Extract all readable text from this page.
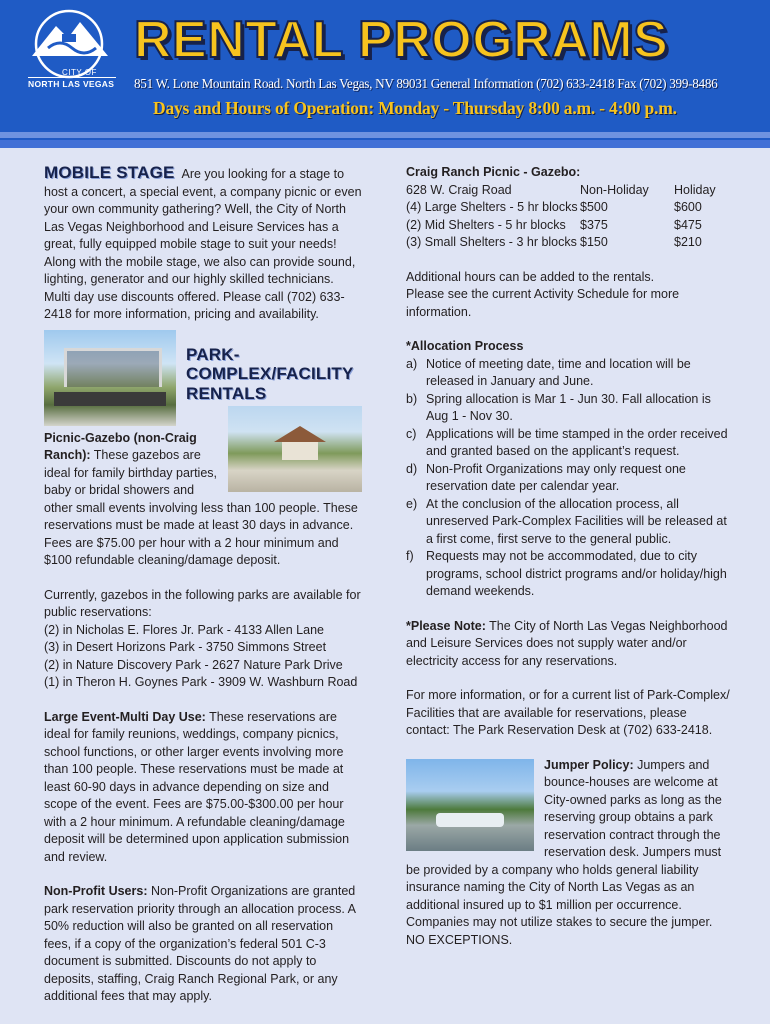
CITY OF
NORTH LAS VEGAS
RENTAL PROGRAMS
851 W. Lone Mountain Road. North Las Vegas, NV 89031 General Information (702) 633-2418 Fax (702) 399-8486
Days and Hours of Operation: Monday - Thursday 8:00 a.m. - 4:00 p.m.

MOBILE STAGE Are you looking for a stage to host a concert, a special event, a company picnic or even your own community gathering? Well, the City of North Las Vegas Neighborhood and Leisure Services has a great, fully equipped mobile stage to suit your needs! Along with the mobile stage, we also can provide sound, lighting, generator and our highly skilled technicians. Multi day use discounts offered. Please call (702) 633-2418 for more information, pricing and availability.

PARK-COMPLEX/FACILITY RENTALS

Picnic-Gazebo (non-Craig Ranch): These gazebos are ideal for family birthday parties, baby or bridal showers and other small events involving less than 100 people. These reservations must be made at least 30 days in advance. Fees are $75.00 per hour with a 2 hour minimum and $100 refundable cleaning/damage deposit.

Currently, gazebos in the following parks are available for public reservations:

(2) in Nicholas E. Flores Jr. Park - 4133 Allen Lane

(3) in Desert Horizons Park - 3750 Simmons Street

(2) in Nature Discovery Park - 2627 Nature Park Drive

(1) in Theron H. Goynes Park - 3909 W. Washburn Road

Large Event-Multi Day Use: These reservations are ideal for family reunions, weddings, company picnics, school functions, or other larger events involving more than 100 people. These reservations must be made at least 60-90 days in advance depending on size and scope of the event. Fees are $75.00-$300.00 per hour with a 2 hour minimum. A refundable cleaning/damage deposit will be determined upon application submission and review.

Non-Profit Users: Non-Profit Organizations are granted park reservation priority through an allocation process. A 50% reduction will also be granted on all reservation fees, if a copy of the organization’s federal 501 C-3 document is submitted. Discounts do not apply to deposits, staffing, Craig Ranch Regional Park, or any additional fees that may apply.

Craig Ranch Picnic - Gazebo:

628 W. Craig Road	Non-Holiday	Holiday
(4) Large Shelters - 5 hr blocks	$500	$600
(2) Mid Shelters - 5 hr blocks	$375	$475
(3) Small Shelters - 3 hr blocks	$150	$210

Additional hours can be added to the rentals.

Please see the current Activity Schedule for more information.

*Allocation Process

a) Notice of meeting date, time and location will be released in January and June.
b) Spring allocation is Mar 1 - Jun 30. Fall allocation is Aug 1 - Nov 30.
c) Applications will be time stamped in the order received and granted based on the applicant’s request.
d) Non-Profit Organizations may only request one reservation date per calendar year.
e) At the conclusion of the allocation process, all unreserved Park-Complex Facilities will be released at a first come, first serve to the general public.
f) Requests may not be accommodated, due to city programs, school district programs and/or holiday/high demand weekends.

*Please Note: The City of North Las Vegas Neighborhood and Leisure Services does not supply water and/or electricity access for any reservations.

For more information, or for a current list of Park-Complex/ Facilities that are available for reservations, please contact: The Park Reservation Desk at (702) 633-2418.

Jumper Policy: Jumpers and bounce-houses are welcome at City-owned parks as long as the reserving group obtains a park reservation contract through the reservation desk. Jumpers must be provided by a company who holds general liability insurance naming the City of North Las Vegas as an additional insured up to $1 million per occurrence. Companies may not utilize stakes to secure the jumper. NO EXCEPTIONS.
